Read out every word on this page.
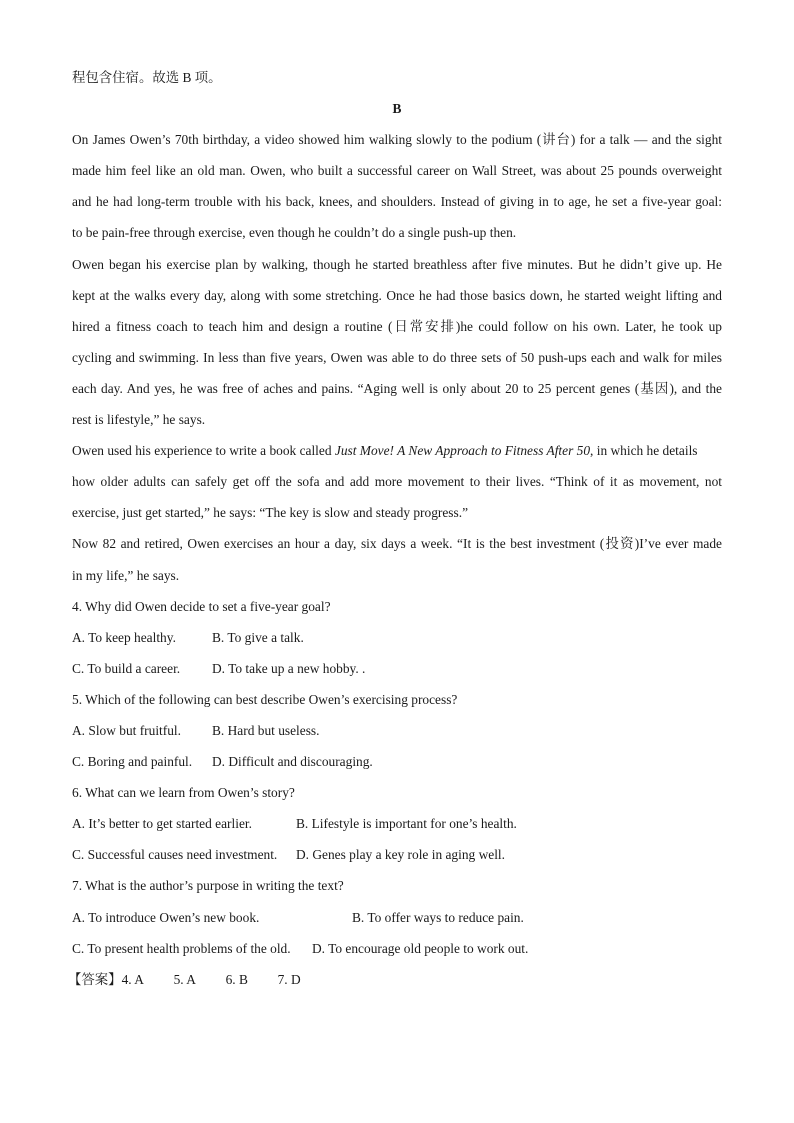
程包含住宿。故选 B 项。

B

On James Owen’s 70th birthday, a video showed him walking slowly to the podium (讲台) for a talk — and the sight

made him feel like an old man. Owen, who built a successful career on Wall Street, was about 25 pounds overweight

and he had long-term trouble with his back, knees, and shoulders. Instead of giving in to age, he set a five-year goal:

to be pain-free through exercise, even though he couldn’t do a single push-up then.

Owen began his exercise plan by walking, though he started breathless after five minutes. But he didn’t give up. He

kept at the walks every day, along with some stretching. Once he had those basics down, he started weight lifting and

hired a fitness coach to teach him and design a routine (日常安排)he could follow on his own. Later, he took up

cycling and swimming. In less than five years, Owen was able to do three sets of 50 push-ups each and walk for miles

each day. And yes, he was free of aches and pains. “Aging well is only about 20 to 25 percent genes (基因), and the

rest is lifestyle,” he says.

Owen used his experience to write a book called Just Move! A New Approach to Fitness After 50, in which he details

how older adults can safely get off the sofa and add more movement to their lives. “Think of it as movement, not

exercise, just get started,” he says: “The key is slow and steady progress.”

Now 82 and retired, Owen exercises an hour a day, six days a week. “It is the best investment (投资)I’ve ever made

in my life,” he says.

4. Why did Owen decide to set a five-year goal?

A. To keep healthy.	B. To give a talk.
C. To build a career.	D. To take up a new hobby. .

5. Which of the following can best describe Owen’s exercising process?

A. Slow but fruitful.	B. Hard but useless.
C. Boring and painful.	D. Difficult and discouraging.

6. What can we learn from Owen’s story?

A. It’s better to get started earlier.	B. Lifestyle is important for one’s health.
C. Successful causes need investment.	D. Genes play a key role in aging well.

7. What is the author’s purpose in writing the text?

A. To introduce Owen’s new book.	B. To offer ways to reduce pain.
C. To present health problems of the old.	D. To encourage old people to work out.
【答案】 4. A	5. A	6. B	7. D
